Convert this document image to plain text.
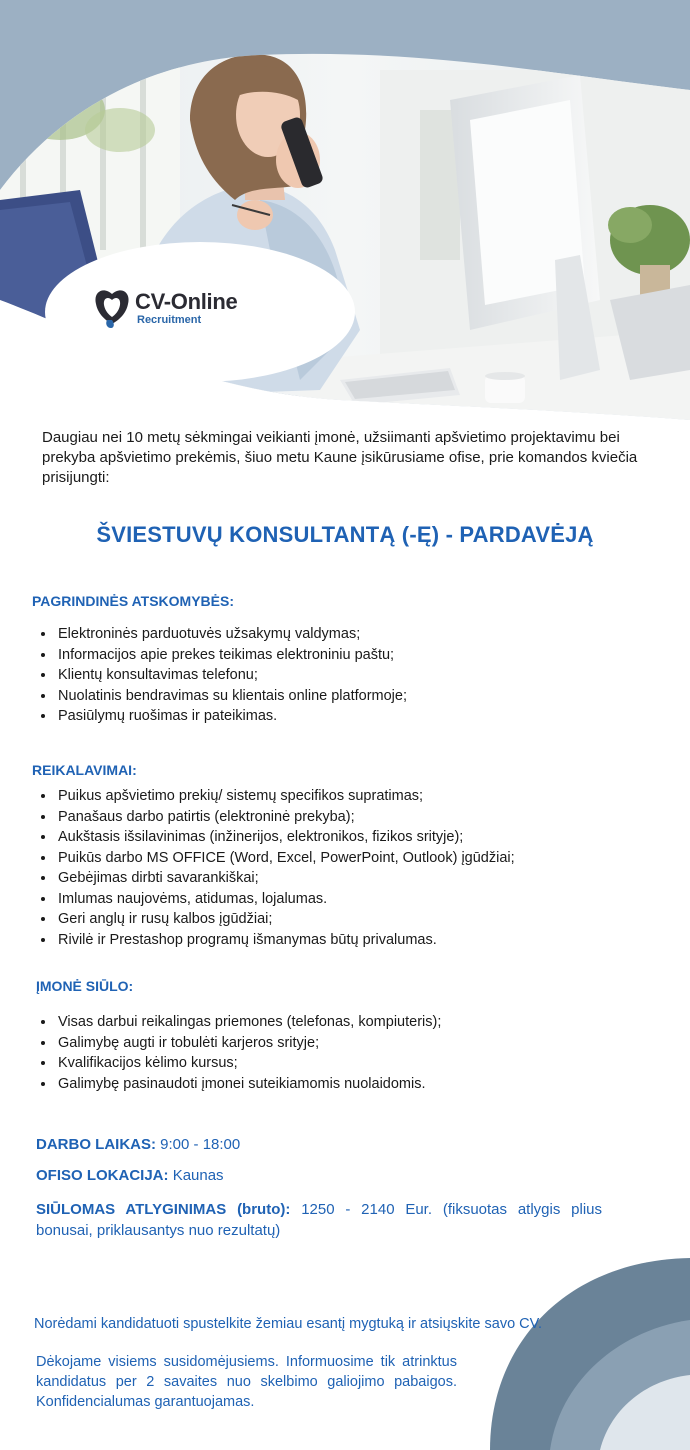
CV-Online
Recruitment
Daugiau nei 10 metų sėkmingai veikianti įmonė, užsiimanti apšvietimo projektavimu bei prekyba apšvietimo prekėmis, šiuo metu Kaune įsikūrusiame ofise, prie komandos kviečia prisijungti:
ŠVIESTUVŲ KONSULTANTĄ (-Ę) - PARDAVĖJĄ
PAGRINDINĖS ATSKOMYBĖS:
• Elektroninės parduotuvės užsakymų valdymas;
• Informacijos apie prekes teikimas elektroniniu paštu;
• Klientų konsultavimas telefonu;
• Nuolatinis bendravimas su klientais online platformoje;
• Pasiūlymų ruošimas ir pateikimas.
REIKALAVIMAI:
• Puikus apšvietimo prekių/ sistemų specifikos supratimas;
• Panašaus darbo patirtis (elektroninė prekyba);
• Aukštasis išsilavinimas (inžinerijos, elektronikos, fizikos srityje);
• Puikūs darbo MS OFFICE (Word, Excel, PowerPoint, Outlook) įgūdžiai;
• Gebėjimas dirbti savarankiškai;
• Imlumas naujovėms, atidumas, lojalumas.
• Geri anglų ir rusų kalbos įgūdžiai;
• Rivilė ir Prestashop programų išmanymas būtų privalumas.
ĮMONĖ SIŪLO:
• Visas darbui reikalingas priemones (telefonas, kompiuteris);
• Galimybę augti ir tobulėti karjeros srityje;
• Kvalifikacijos kėlimo kursus;
• Galimybę pasinaudoti įmonei suteikiamomis nuolaidomis.
DARBO LAIKAS: 9:00 - 18:00
OFISO LOKACIJA: Kaunas
SIŪLOMAS ATLYGINIMAS (bruto): 1250 - 2140 Eur. (fiksuotas atlygis plius bonusai, priklausantys nuo rezultatų)
Norėdami kandidatuoti spustelkite žemiau esantį mygtuką ir atsiųskite savo CV.
Dėkojame visiems susidomėjusiems. Informuosime tik atrinktus kandidatus per 2 savaites nuo skelbimo galiojimo pabaigos. Konfidencialumas garantuojamas.
